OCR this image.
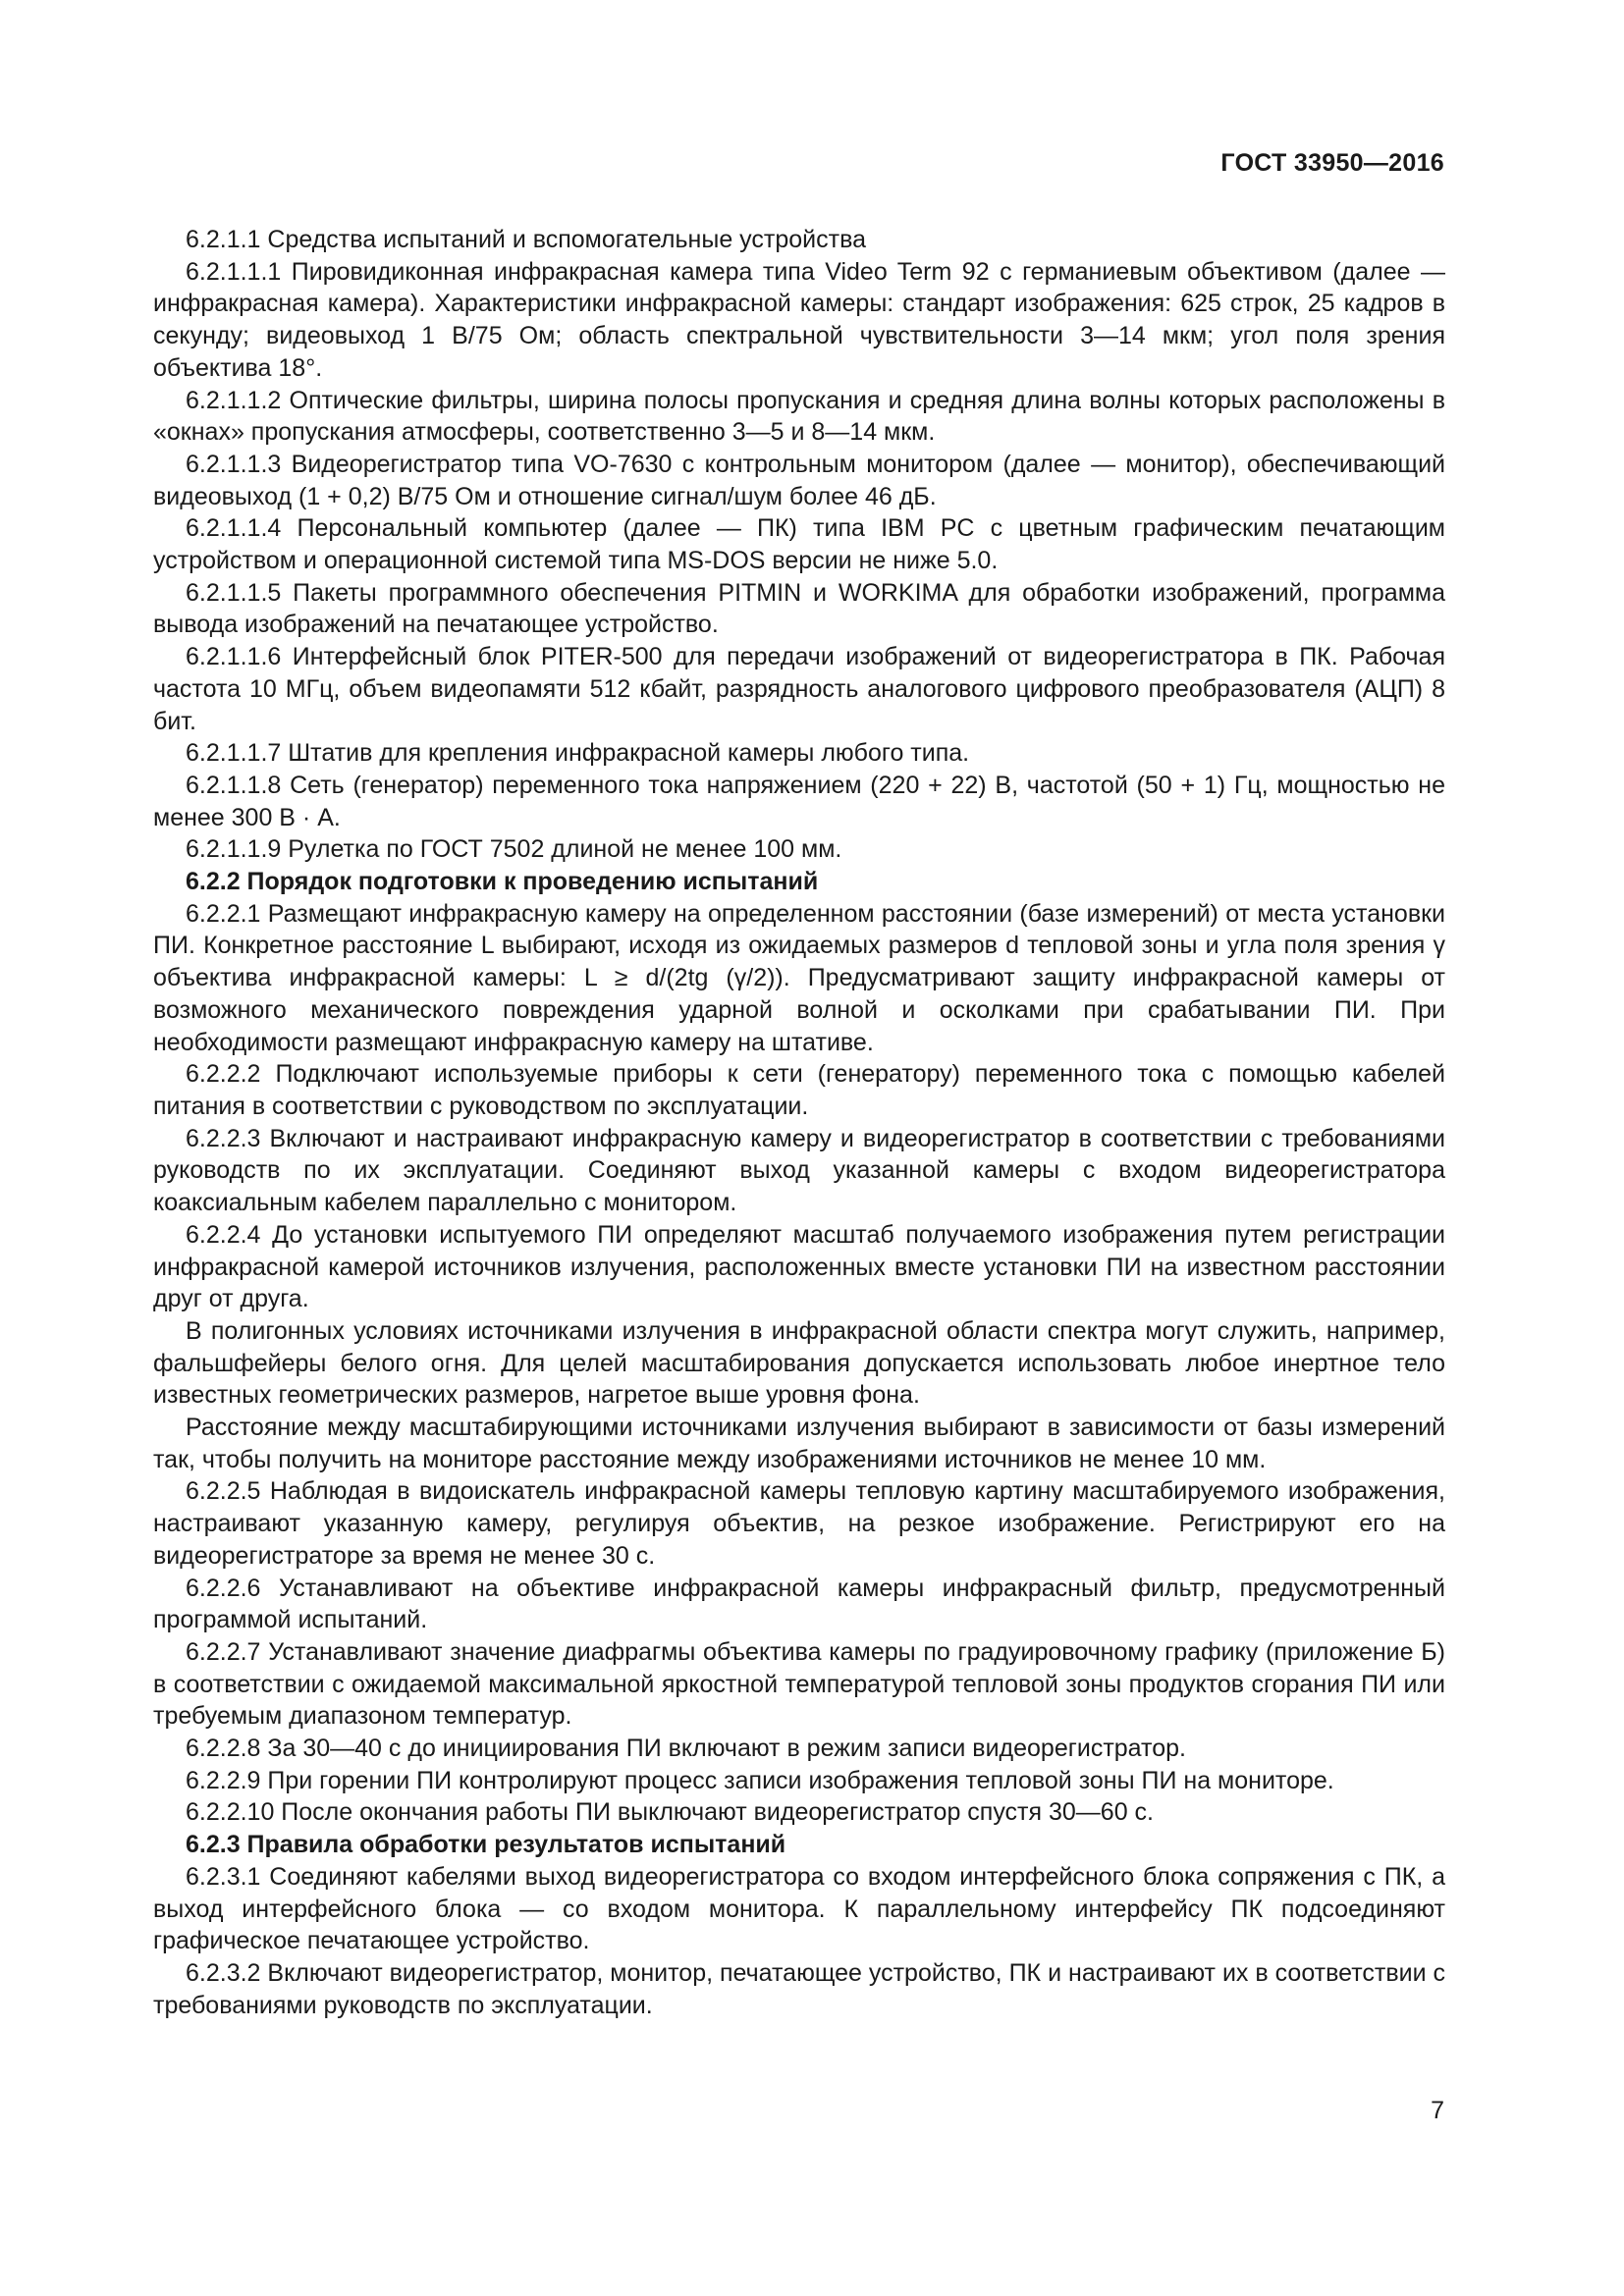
ГОСТ 33950—2016

6.2.1.1 Средства испытаний и вспомогательные устройства

6.2.1.1.1 Пировидиконная инфракрасная камера типа Video Term 92 с германиевым объективом (далее — инфракрасная камера). Характеристики инфракрасной камеры: стандарт изображения: 625 строк, 25 кадров в секунду; видеовыход 1 В/75 Ом; область спектральной чувствительности 3—14 мкм; угол поля зрения объектива 18°.

6.2.1.1.2 Оптические фильтры, ширина полосы пропускания и средняя длина волны которых расположены в «окнах» пропускания атмосферы, соответственно 3—5 и 8—14 мкм.

6.2.1.1.3 Видеорегистратор типа VO-7630 с контрольным монитором (далее — монитор), обеспечивающий видеовыход (1 + 0,2) В/75 Ом и отношение сигнал/шум более 46 дБ.

6.2.1.1.4 Персональный компьютер (далее — ПК) типа IBM PC с цветным графическим печатающим устройством и операционной системой типа MS-DOS версии не ниже 5.0.

6.2.1.1.5 Пакеты программного обеспечения PITMIN и WORKIMA для обработки изображений, программа вывода изображений на печатающее устройство.

6.2.1.1.6 Интерфейсный блок PITER-500 для передачи изображений от видеорегистратора в ПК. Рабочая частота 10 МГц, объем видеопамяти 512 кбайт, разрядность аналогового цифрового преобразователя (АЦП) 8 бит.

6.2.1.1.7 Штатив для крепления инфракрасной камеры любого типа.

6.2.1.1.8 Сеть (генератор) переменного тока напряжением (220 + 22) В, частотой (50 + 1) Гц, мощностью не менее 300 В · А.

6.2.1.1.9 Рулетка по ГОСТ 7502 длиной не менее 100 мм.

6.2.2 Порядок подготовки к проведению испытаний

6.2.2.1 Размещают инфракрасную камеру на определенном расстоянии (базе измерений) от места установки ПИ. Конкретное расстояние L выбирают, исходя из ожидаемых размеров d тепловой зоны и угла поля зрения γ объектива инфракрасной камеры: L ≥ d/(2tg (γ/2)). Предусматривают защиту инфракрасной камеры от возможного механического повреждения ударной волной и осколками при срабатывании ПИ. При необходимости размещают инфракрасную камеру на штативе.

6.2.2.2 Подключают используемые приборы к сети (генератору) переменного тока с помощью кабелей питания в соответствии с руководством по эксплуатации.

6.2.2.3 Включают и настраивают инфракрасную камеру и видеорегистратор в соответствии с требованиями руководств по их эксплуатации. Соединяют выход указанной камеры с входом видеорегистратора коаксиальным кабелем параллельно с монитором.

6.2.2.4 До установки испытуемого ПИ определяют масштаб получаемого изображения путем регистрации инфракрасной камерой источников излучения, расположенных вместе установки ПИ на известном расстоянии друг от друга.

В полигонных условиях источниками излучения в инфракрасной области спектра могут служить, например, фальшфейеры белого огня. Для целей масштабирования допускается использовать любое инертное тело известных геометрических размеров, нагретое выше уровня фона.

Расстояние между масштабирующими источниками излучения выбирают в зависимости от базы измерений так, чтобы получить на мониторе расстояние между изображениями источников не менее 10 мм.

6.2.2.5 Наблюдая в видоискатель инфракрасной камеры тепловую картину масштабируемого изображения, настраивают указанную камеру, регулируя объектив, на резкое изображение. Регистрируют его на видеорегистраторе за время не менее 30 с.

6.2.2.6 Устанавливают на объективе инфракрасной камеры инфракрасный фильтр, предусмотренный программой испытаний.

6.2.2.7 Устанавливают значение диафрагмы объектива камеры по градуировочному графику (приложение Б) в соответствии с ожидаемой максимальной яркостной температурой тепловой зоны продуктов сгорания ПИ или требуемым диапазоном температур.

6.2.2.8 За 30—40 с до инициирования ПИ включают в режим записи видеорегистратор.

6.2.2.9 При горении ПИ контролируют процесс записи изображения тепловой зоны ПИ на мониторе.

6.2.2.10 После окончания работы ПИ выключают видеорегистратор спустя 30—60 с.

6.2.3 Правила обработки результатов испытаний

6.2.3.1 Соединяют кабелями выход видеорегистратора со входом интерфейсного блока сопряжения с ПК, а выход интерфейсного блока — со входом монитора. К параллельному интерфейсу ПК подсоединяют графическое печатающее устройство.

6.2.3.2 Включают видеорегистратор, монитор, печатающее устройство, ПК и настраивают их в соответствии с требованиями руководств по эксплуатации.

7
